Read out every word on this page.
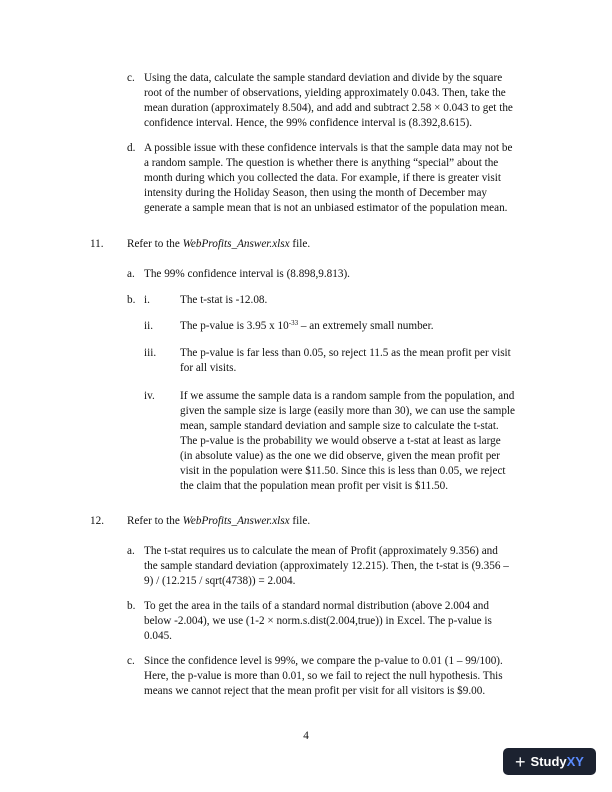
c. Using the data, calculate the sample standard deviation and divide by the square
root of the number of observations, yielding approximately 0.043. Then, take the
mean duration (approximately 8.504), and add and subtract 2.58 × 0.043 to get the
confidence interval. Hence, the 99% confidence interval is (8.392,8.615).
d. A possible issue with these confidence intervals is that the sample data may not be
a random sample. The question is whether there is anything “special” about the
month during which you collected the data. For example, if there is greater visit
intensity during the Holiday Season, then using the month of December may
generate a sample mean that is not an unbiased estimator of the population mean.
11. Refer to the WebProfits_Answer.xlsx file.
a. The 99% confidence interval is (8.898,9.813).
b. i.	The t-stat is -12.08.
ii. The p-value is 3.95 x $10^{-33}$ – an extremely small number.
iii. The p-value is far less than 0.05, so reject 11.5 as the mean profit per visit
for all visits.
iv. If we assume the sample data is a random sample from the population, and
given the sample size is large (easily more than 30), we can use the sample
mean, sample standard deviation and sample size to calculate the t-stat.
The p-value is the probability we would observe a t-stat at least as large
(in absolute value) as the one we did observe, given the mean profit per
visit in the population were $11.50. Since this is less than 0.05, we reject
the claim that the population mean profit per visit is $11.50.
12. Refer to the WebProfits_Answer.xlsx file.
a. The t-stat requires us to calculate the mean of Profit (approximately 9.356) and
the sample standard deviation (approximately 12.215). Then, the t-stat is (9.356 –
9) / (12.215 / sqrt(4738)) = 2.004.
b. To get the area in the tails of a standard normal distribution (above 2.004 and
below -2.004), we use (1-2 × norm.s.dist(2.004,true)) in Excel. The p-value is
0.045.
c. Since the confidence level is 99%, we compare the p-value to 0.01 (1 – 99/100).
Here, the p-value is more than 0.01, so we fail to reject the null hypothesis. This
means we cannot reject that the mean profit per visit for all visitors is $9.00.
4
+ Study XY
